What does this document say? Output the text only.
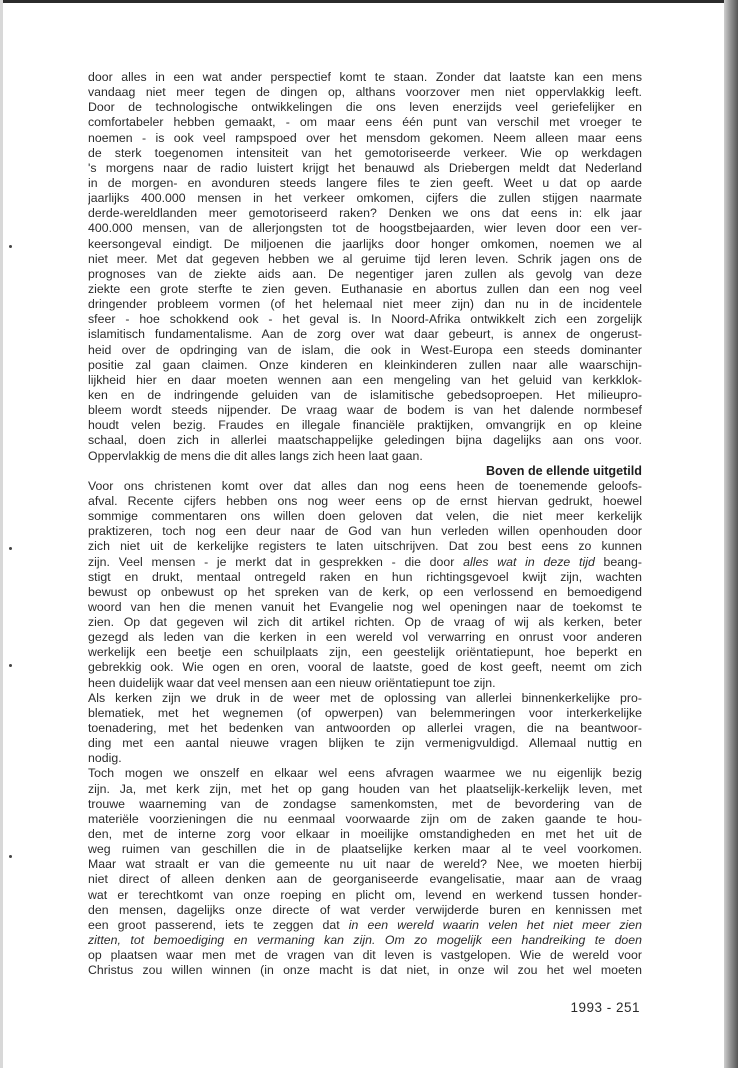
door alles in een wat ander perspectief komt te staan. Zonder dat laatste kan een mens
vandaag niet meer tegen de dingen op, althans voorzover men niet oppervlakkig leeft.
Door de technologische ontwikkelingen die ons leven enerzijds veel geriefelijker en
comfortabeler hebben gemaakt, - om maar eens één punt van verschil met vroeger te
noemen - is ook veel rampspoed over het mensdom gekomen. Neem alleen maar eens
de sterk toegenomen intensiteit van het gemotoriseerde verkeer. Wie op werkdagen
's morgens naar de radio luistert krijgt het benauwd als Driebergen meldt dat Nederland
in de morgen- en avonduren steeds langere files te zien geeft. Weet u dat op aarde
jaarlijks 400.000 mensen in het verkeer omkomen, cijfers die zullen stijgen naarmate
derde-wereldlanden meer gemotoriseerd raken? Denken we ons dat eens in: elk jaar
400.000 mensen, van de allerjongsten tot de hoogstbejaarden, wier leven door een ver-
keersongeval eindigt. De miljoenen die jaarlijks door honger omkomen, noemen we al
niet meer. Met dat gegeven hebben we al geruime tijd leren leven. Schrik jagen ons de
prognoses van de ziekte aids aan. De negentiger jaren zullen als gevolg van deze
ziekte een grote sterfte te zien geven. Euthanasie en abortus zullen dan een nog veel
dringender probleem vormen (of het helemaal niet meer zijn) dan nu in de incidentele
sfeer - hoe schokkend ook - het geval is. In Noord-Afrika ontwikkelt zich een zorgelijk
islamitisch fundamentalisme. Aan de zorg over wat daar gebeurt, is annex de ongerust-
heid over de opdringing van de islam, die ook in West-Europa een steeds dominanter
positie zal gaan claimen. Onze kinderen en kleinkinderen zullen naar alle waarschijn-
lijkheid hier en daar moeten wennen aan een mengeling van het geluid van kerkklok-
ken en de indringende geluiden van de islamitische gebedsoproepen. Het milieupro-
bleem wordt steeds nijpender. De vraag waar de bodem is van het dalende normbesef
houdt velen bezig. Fraudes en illegale financiële praktijken, omvangrijk en op kleine
schaal, doen zich in allerlei maatschappelijke geledingen bijna dagelijks aan ons voor.
Oppervlakkig de mens die dit alles langs zich heen laat gaan.
Boven de ellende uitgetild
Voor ons christenen komt over dat alles dan nog eens heen de toenemende geloofs-
afval. Recente cijfers hebben ons nog weer eens op de ernst hiervan gedrukt, hoewel
sommige commentaren ons willen doen geloven dat velen, die niet meer kerkelijk
praktizeren, toch nog een deur naar de God van hun verleden willen openhouden door
zich niet uit de kerkelijke registers te laten uitschrijven. Dat zou best eens zo kunnen
zijn. Veel mensen - je merkt dat in gesprekken - die door alles wat in deze tijd beang-
stigt en drukt, mentaal ontregeld raken en hun richtingsgevoel kwijt zijn, wachten
bewust op onbewust op het spreken van de kerk, op een verlossend en bemoedigend
woord van hen die menen vanuit het Evangelie nog wel openingen naar de toekomst te
zien. Op dat gegeven wil zich dit artikel richten. Op de vraag of wij als kerken, beter
gezegd als leden van die kerken in een wereld vol verwarring en onrust voor anderen
werkelijk een beetje een schuilplaats zijn, een geestelijk oriëntatiepunt, hoe beperkt en
gebrekkig ook. Wie ogen en oren, vooral de laatste, goed de kost geeft, neemt om zich
heen duidelijk waar dat veel mensen aan een nieuw oriëntatiepunt toe zijn.
Als kerken zijn we druk in de weer met de oplossing van allerlei binnenkerkelijke pro-
blematiek, met het wegnemen (of opwerpen) van belemmeringen voor interkerkelijke
toenadering, met het bedenken van antwoorden op allerlei vragen, die na beantwoor-
ding met een aantal nieuwe vragen blijken te zijn vermenigvuldigd. Allemaal nuttig en
nodig.
Toch mogen we onszelf en elkaar wel eens afvragen waarmee we nu eigenlijk bezig
zijn. Ja, met kerk zijn, met het op gang houden van het plaatselijk-kerkelijk leven, met
trouwe waarneming van de zondagse samenkomsten, met de bevordering van de
materiële voorzieningen die nu eenmaal voorwaarde zijn om de zaken gaande te hou-
den, met de interne zorg voor elkaar in moeilijke omstandigheden en met het uit de
weg ruimen van geschillen die in de plaatselijke kerken maar al te veel voorkomen.
Maar wat straalt er van die gemeente nu uit naar de wereld? Nee, we moeten hierbij
niet direct of alleen denken aan de georganiseerde evangelisatie, maar aan de vraag
wat er terechtkomt van onze roeping en plicht om, levend en werkend tussen honder-
den mensen, dagelijks onze directe of wat verder verwijderde buren en kennissen met
een groot passerend, iets te zeggen dat in een wereld waarin velen het niet meer zien
zitten, tot bemoediging en vermaning kan zijn. Om zo mogelijk een handreiking te doen
op plaatsen waar men met de vragen van dit leven is vastgelopen. Wie de wereld voor
Christus zou willen winnen (in onze macht is dat niet, in onze wil zou het wel moeten
1993 - 251
